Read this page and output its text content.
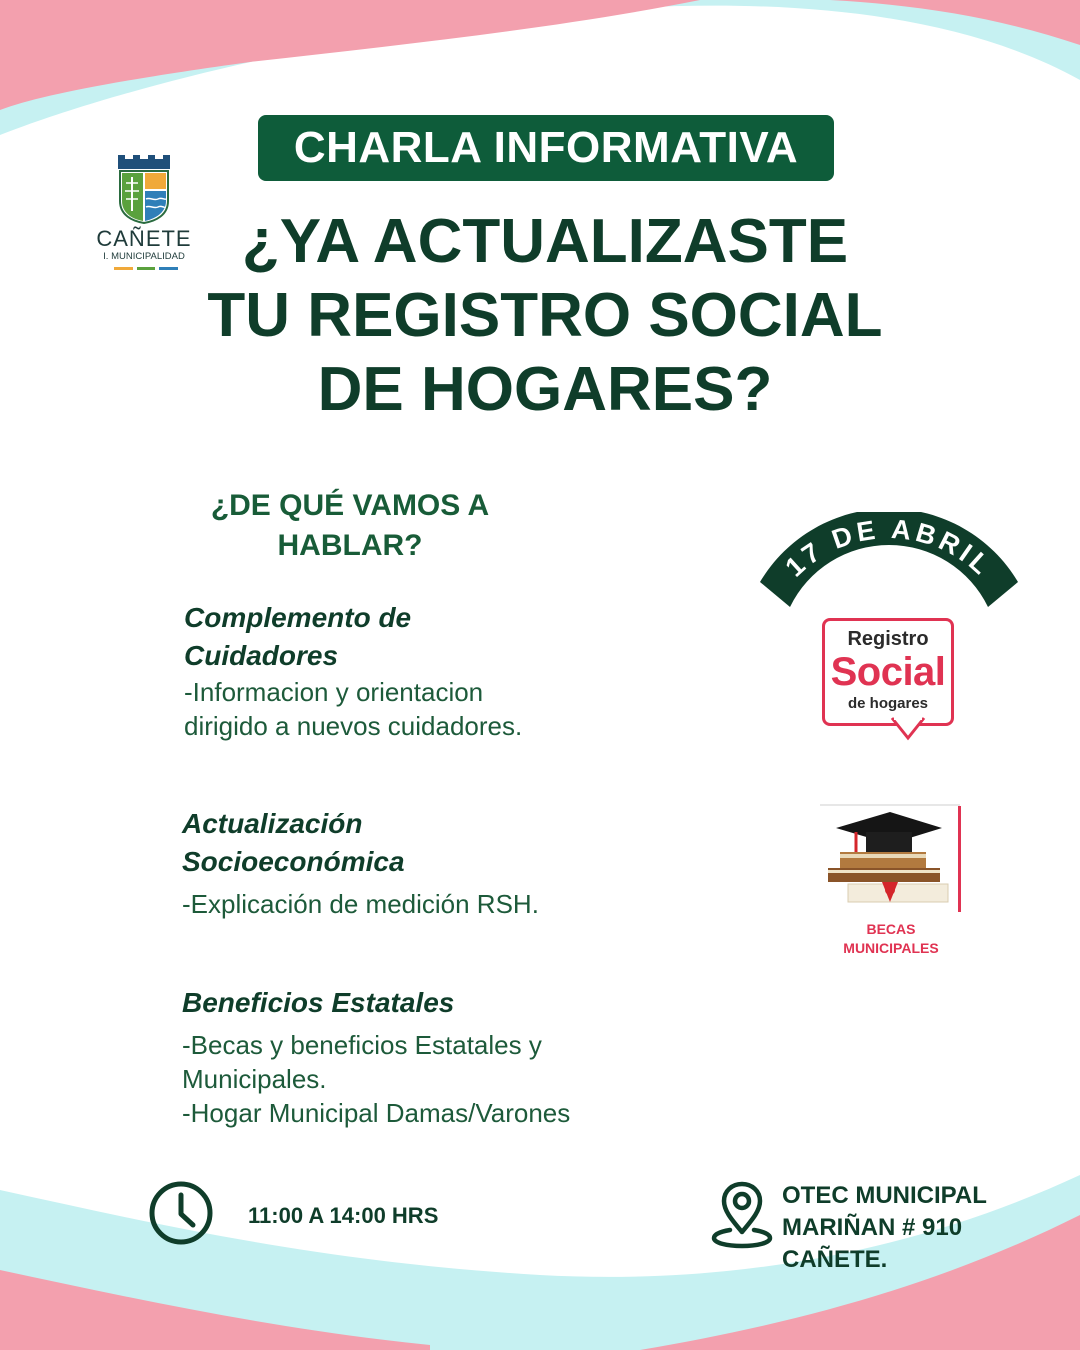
CAÑETE
I. MUNICIPALIDAD
CHARLA INFORMATIVA
¿YA ACTUALIZASTE
TU REGISTRO SOCIAL
DE HOGARES?
¿DE QUÉ VAMOS A
HABLAR?
Complemento de
Cuidadores
-Informacion y orientacion
dirigido a nuevos cuidadores.
Actualización
Socioeconómica
-Explicación de medición RSH.
Beneficios Estatales
-Becas y beneficios Estatales y
Municipales.
-Hogar Municipal Damas/Varones
17 DE ABRIL
Registro
Social
de hogares
BECAS
MUNICIPALES
11:00 A 14:00 HRS
OTEC MUNICIPAL
MARIÑAN # 910
CAÑETE.
